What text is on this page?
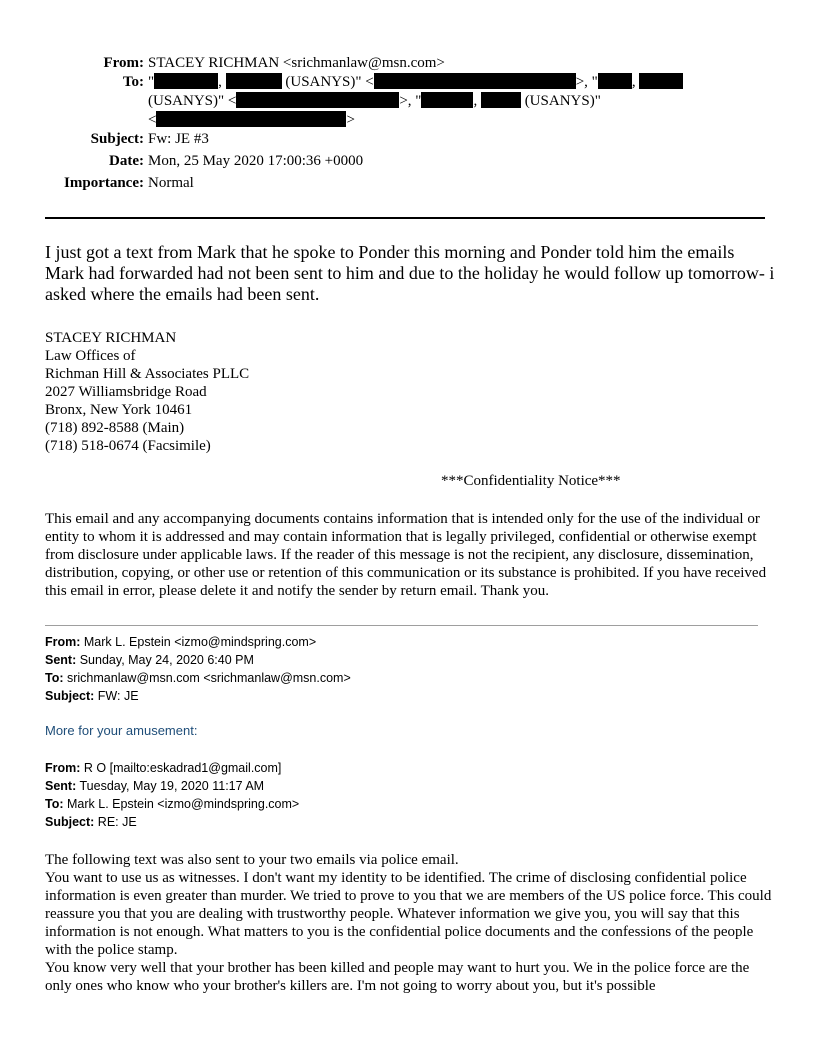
From: STACEY RICHMAN <srichmanlaw@msn.com>
To: "	,	(USANYS)" <	>, " ,
(USANYS)" <	>, "	,	(USANYS)"
<	>
Subject: Fw: JE #3
Date: Mon, 25 May 2020 17:00:36 +0000
Importance: Normal

I just got a text from Mark that he spoke to Ponder this morning and Ponder told him the emails Mark had forwarded had not been sent to him and due to the holiday he would follow up tomorrow- i asked where the emails had been sent.

STACEY RICHMAN
Law Offices of
Richman Hill & Associates PLLC
2027 Williamsbridge Road
Bronx, New York 10461
(718) 892-8588 (Main)
(718) 518-0674 (Facsimile)
***Confidentiality Notice***

This email and any accompanying documents contains information that is intended only for the use of the individual or entity to whom it is addressed and may contain information that is legally privileged, confidential or otherwise exempt from disclosure under applicable laws. If the reader of this message is not the recipient, any disclosure, dissemination, distribution, copying, or other use or retention of this communication or its substance is prohibited. If you have received this email in error, please delete it and notify the sender by return email. Thank you.

From: Mark L. Epstein <izmo@mindspring.com>
Sent: Sunday, May 24, 2020 6:40 PM
To: srichmanlaw@msn.com <srichmanlaw@msn.com>
Subject: FW: JE
More for your amusement:
From: R O [mailto:eskadrad1@gmail.com]
Sent: Tuesday, May 19, 2020 11:17 AM
To: Mark L. Epstein <izmo@mindspring.com>
Subject: RE: JE

The following text was also sent to your two emails via police email.

You want to use us as witnesses. I don't want my identity to be identified. The crime of disclosing confidential police information is even greater than murder. We tried to prove to you that we are members of the US police force. This could reassure you that you are dealing with trustworthy people. Whatever information we give you, you will say that this information is not enough. What matters to you is the confidential police documents and the confessions of the people with the police stamp.

You know very well that your brother has been killed and people may want to hurt you. We in the police force are the only ones who know who your brother's killers are. I'm not going to worry about you, but it's possible
